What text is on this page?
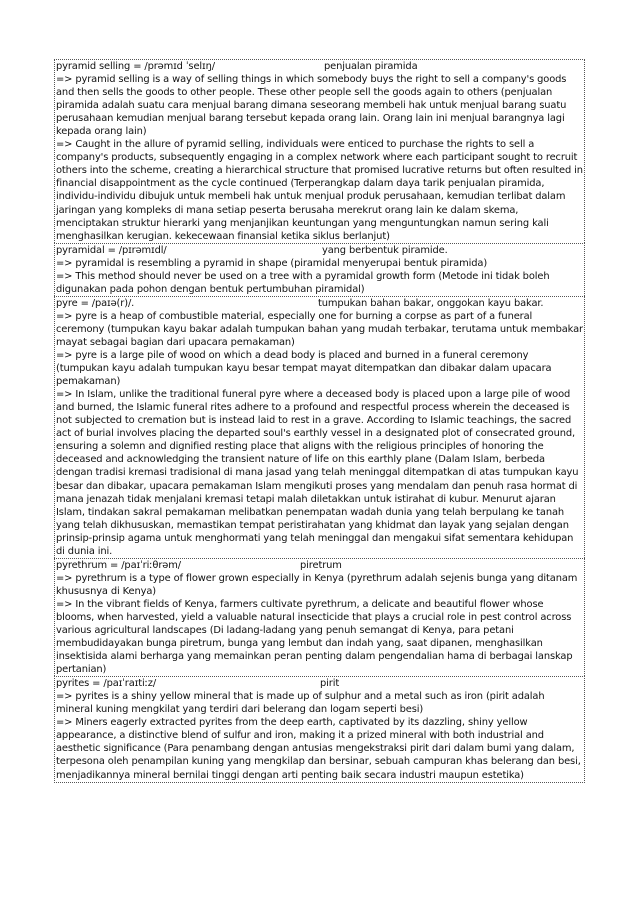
pyramid selling = /prəmɪd ˈselɪŋ/	penjualan piramida
=> pyramid selling is a way of selling things in which somebody buys the right to sell a company's goods and then sells the goods to other people. These other people sell the goods again to others (penjualan piramida adalah suatu cara menjual barang dimana seseorang membeli hak untuk menjual barang suatu perusahaan kemudian menjual barang tersebut kepada orang lain. Orang lain ini menjual barangnya lagi kepada orang lain)
=> Caught in the allure of pyramid selling, individuals were enticed to purchase the rights to sell a company's products, subsequently engaging in a complex network where each participant sought to recruit others into the scheme, creating a hierarchical structure that promised lucrative returns but often resulted in financial disappointment as the cycle continued (Terperangkap dalam daya tarik penjualan piramida, individu-individu dibujuk untuk membeli hak untuk menjual produk perusahaan, kemudian terlibat dalam jaringan yang kompleks di mana setiap peserta berusaha merekrut orang lain ke dalam skema, menciptakan struktur hierarki yang menjanjikan keuntungan yang menguntungkan namun sering kali menghasilkan kerugian. kekecewaan finansial ketika siklus berlanjut)
pyramidal = /pɪrəmɪdl/	yang berbentuk piramide.
=> pyramidal is resembling a pyramid in shape (piramidal menyerupai bentuk piramida)
=> This method should never be used on a tree with a pyramidal growth form (Metode ini tidak boleh digunakan pada pohon dengan bentuk pertumbuhan piramidal)
pyre = /paɪə(r)/.	tumpukan bahan bakar, onggokan kayu bakar.
=> pyre is a heap of combustible material, especially one for burning a corpse as part of a funeral ceremony (tumpukan kayu bakar adalah tumpukan bahan yang mudah terbakar, terutama untuk membakar mayat sebagai bagian dari upacara pemakaman)
=> pyre is a large pile of wood on which a dead body is placed and burned in a funeral ceremony (tumpukan kayu adalah tumpukan kayu besar tempat mayat ditempatkan dan dibakar dalam upacara pemakaman)
=> In Islam, unlike the traditional funeral pyre where a deceased body is placed upon a large pile of wood and burned, the Islamic funeral rites adhere to a profound and respectful process wherein the deceased is not subjected to cremation but is instead laid to rest in a grave. According to Islamic teachings, the sacred act of burial involves placing the departed soul's earthly vessel in a designated plot of consecrated ground, ensuring a solemn and dignified resting place that aligns with the religious principles of honoring the deceased and acknowledging the transient nature of life on this earthly plane (Dalam Islam, berbeda dengan tradisi kremasi tradisional di mana jasad yang telah meninggal ditempatkan di atas tumpukan kayu besar dan dibakar, upacara pemakaman Islam mengikuti proses yang mendalam dan penuh rasa hormat di mana jenazah tidak menjalani kremasi tetapi malah diletakkan untuk istirahat di kubur. Menurut ajaran Islam, tindakan sakral pemakaman melibatkan penempatan wadah dunia yang telah berpulang ke tanah yang telah dikhususkan, memastikan tempat peristirahatan yang khidmat dan layak yang sejalan dengan prinsip-prinsip agama untuk menghormati yang telah meninggal dan mengakui sifat sementara kehidupan di dunia ini.
pyrethrum = /paɪˈriːθrəm/	piretrum
=> pyrethrum is a type of flower grown especially in Kenya (pyrethrum adalah sejenis bunga yang ditanam khususnya di Kenya)
=> In the vibrant fields of Kenya, farmers cultivate pyrethrum, a delicate and beautiful flower whose blooms, when harvested, yield a valuable natural insecticide that plays a crucial role in pest control across various agricultural landscapes (Di ladang-ladang yang penuh semangat di Kenya, para petani membudidayakan bunga piretrum, bunga yang lembut dan indah yang, saat dipanen, menghasilkan insektisida alami berharga yang memainkan peran penting dalam pengendalian hama di berbagai lanskap pertanian)
pyrites = /paɪˈraɪtiːz/	pirit
=> pyrites is a shiny yellow mineral that is made up of sulphur and a metal such as iron (pirit adalah mineral kuning mengkilat yang terdiri dari belerang dan logam seperti besi)
=> Miners eagerly extracted pyrites from the deep earth, captivated by its dazzling, shiny yellow appearance, a distinctive blend of sulfur and iron, making it a prized mineral with both industrial and aesthetic significance (Para penambang dengan antusias mengekstraksi pirit dari dalam bumi yang dalam, terpesona oleh penampilan kuning yang mengkilap dan bersinar, sebuah campuran khas belerang dan besi, menjadikannya mineral bernilai tinggi dengan arti penting baik secara industri maupun estetika)
